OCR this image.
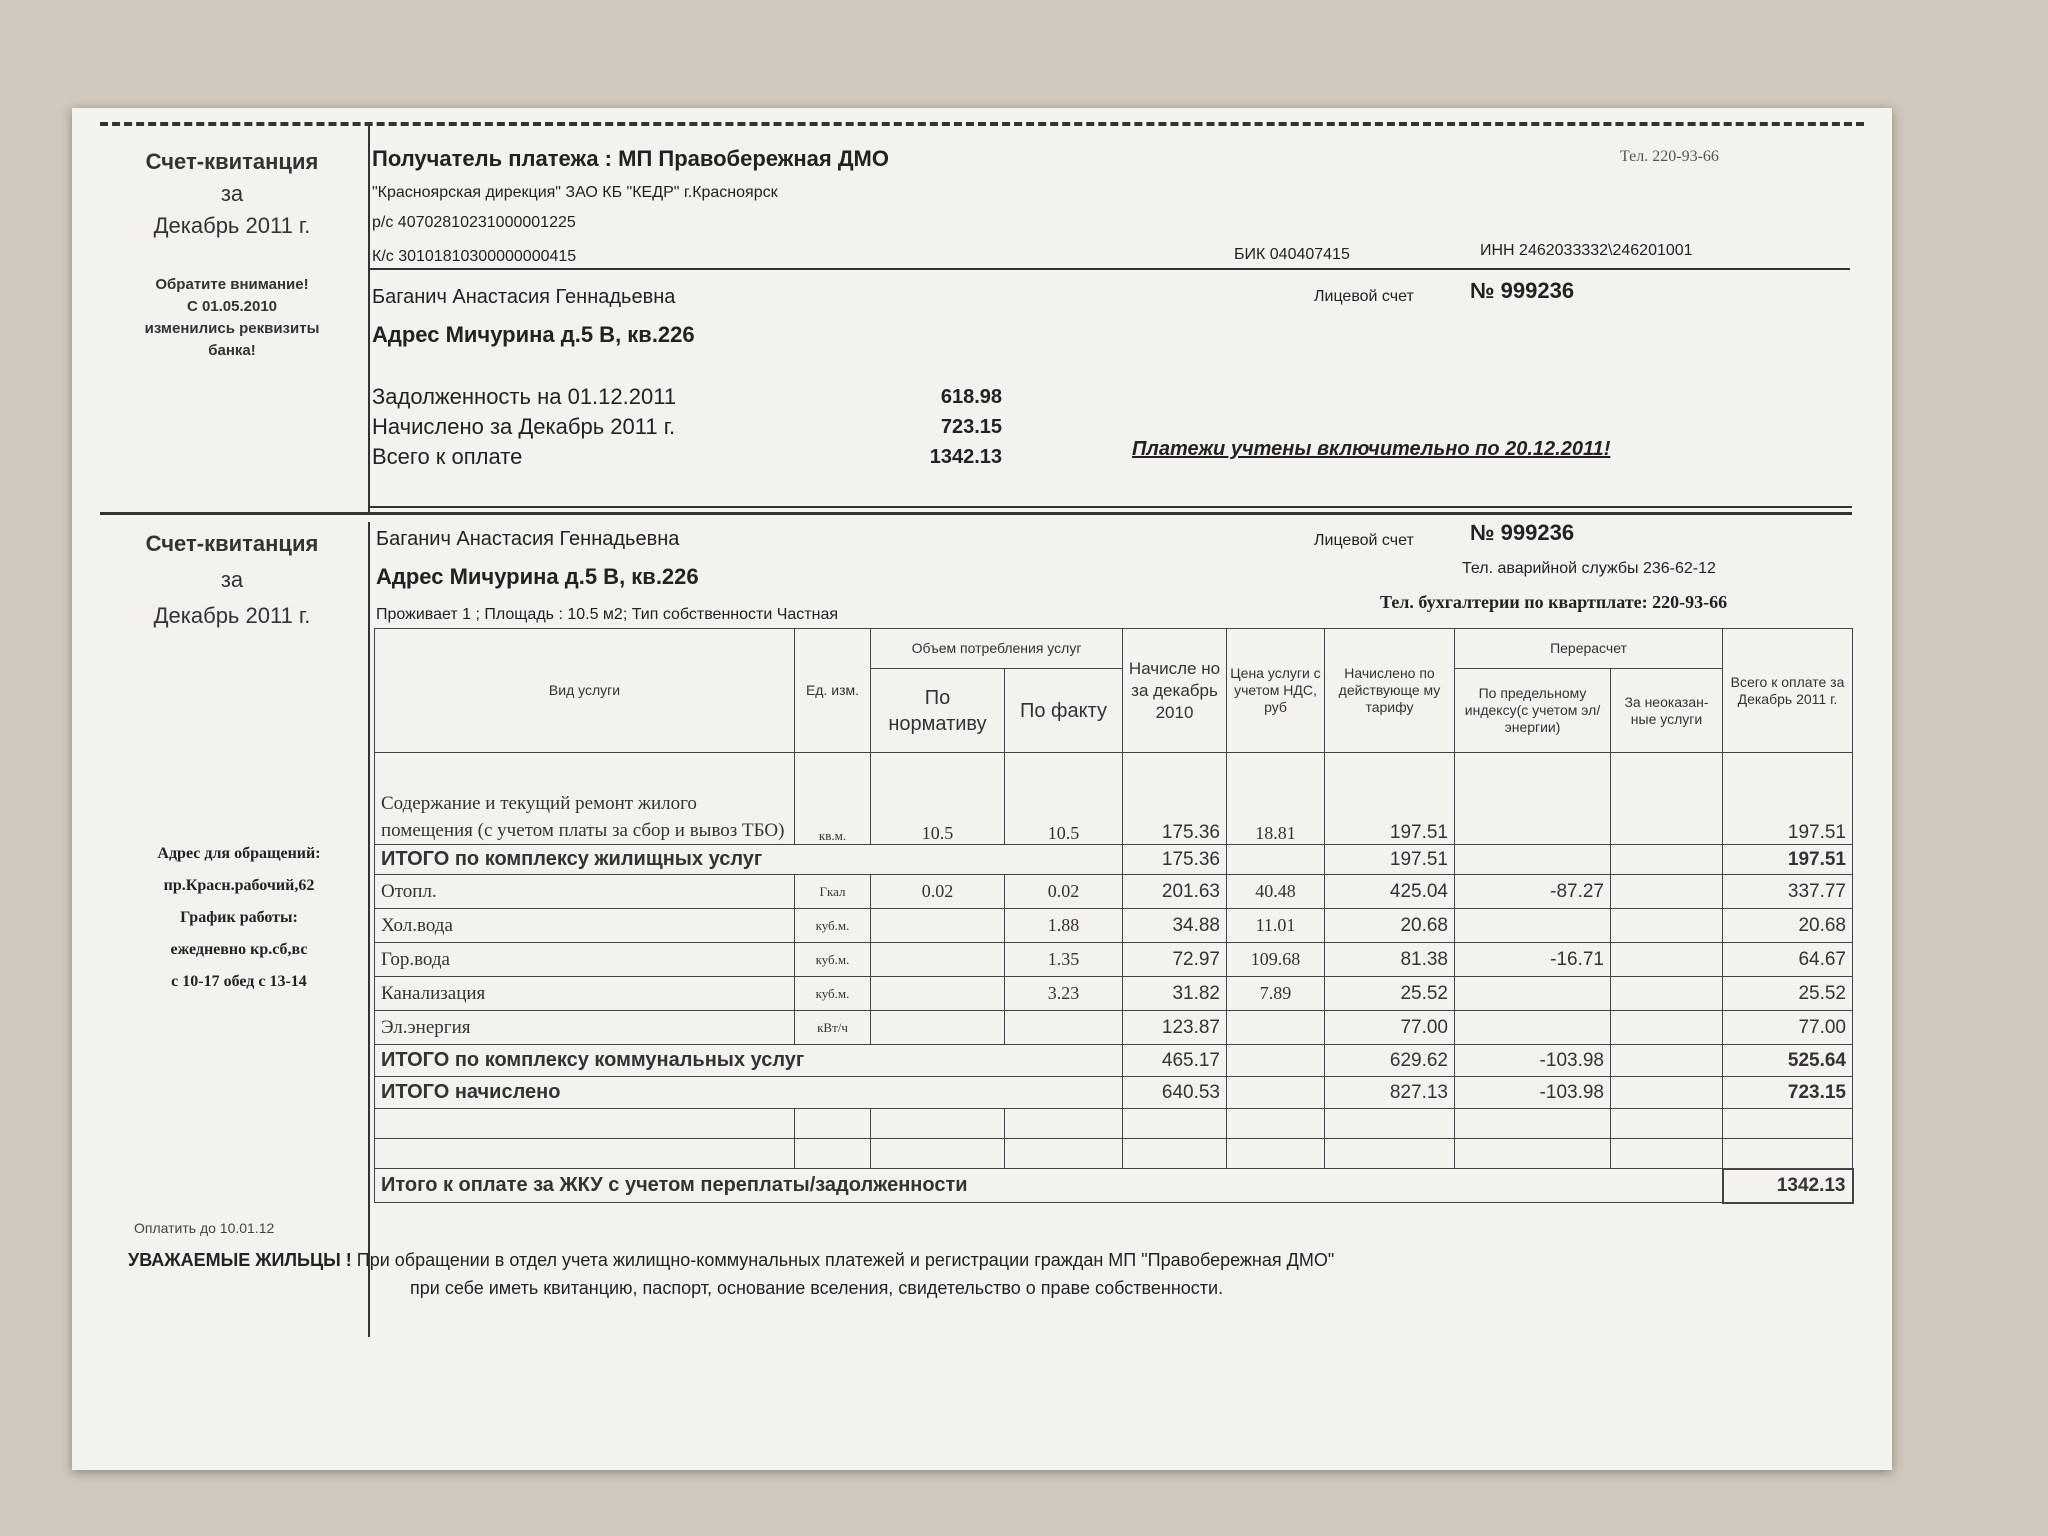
Счет-квитанция
за
Декабрь 2011 г.
Обратите внимание!
С 01.05.2010
изменились реквизиты
банка!
Получатель платежа : МП Правобережная ДМО	Тел. 220-93-66
"Красноярская дирекция" ЗАО КБ "КЕДР" г.Красноярск
р/с 40702810231000001225
К/с 30101810300000000415	БИК 040407415	ИНН 2462033332\246201001
Баганич Анастасия Геннадьевна	Лицевой счет	№ 999236
Адрес Мичурина д.5 В, кв.226
Задолженность на 01.12.2011	618.98
Начислено за Декабрь 2011 г.	723.15
Всего к оплате	1342.13	Платежи учтены включительно по 20.12.2011!
Счет-квитанция
за
Декабрь 2011 г.
Адрес для обращений:
пр.Красн.рабочий,62
График работы:
ежедневно кр.сб,вс
с 10-17 обед с 13-14
Оплатить до 10.01.12
Баганич Анастасия Геннадьевна	Лицевой счет	№ 999236
Адрес Мичурина д.5 В, кв.226	Тел. аварийной службы 236-62-12
Проживает 1 ; Площадь : 10.5 м2; Тип собственности Частная
Тел. бухгалтерии по квартплате: 220-93-66
Вид услуги	Ед. изм.	Объем потребления услуг		Начисле но за декабрь 2010	Цена услуги с учетом НДС, руб	Начислено по действующе му тарифу	Перерасчет		Всего к оплате за Декабрь 2011 г.
		По нормативу	По факту				По предельному индексу(с учетом эл/энергии)	За неоказан- ные услуги	

Содержание и текущий ремонт жилого помещения (с учетом платы за сбор и вывоз ТБО)	кв.м.	10.5	10.5	175.36	18.81	197.51			197.51
ИТОГО по комплексу жилищных услуг				175.36		197.51			197.51
Отопл.	Гкал	0.02	0.02	201.63	40.48	425.04	-87.27		337.77
Хол.вода	куб.м.		1.88	34.88	11.01	20.68			20.68
Гор.вода	куб.м.		1.35	72.97	109.68	81.38	-16.71		64.67
Канализация	куб.м.		3.23	31.82	7.89	25.52			25.52
Эл.энергия	кВт/ч			123.87		77.00			77.00
ИТОГО по комплексу коммунальных услуг				465.17		629.62	-103.98		525.64
ИТОГО начислено				640.53		827.13	-103.98		723.15

Итого к оплате за ЖКУ с учетом переплаты/задолженности									1342.13
УВАЖАЕМЫЕ ЖИЛЬЦЫ ! При обращении в отдел учета жилищно-коммунальных платежей и регистрации граждан МП "Правобережная ДМО"
при себе иметь квитанцию, паспорт, основание вселения, свидетельство о праве собственности.
